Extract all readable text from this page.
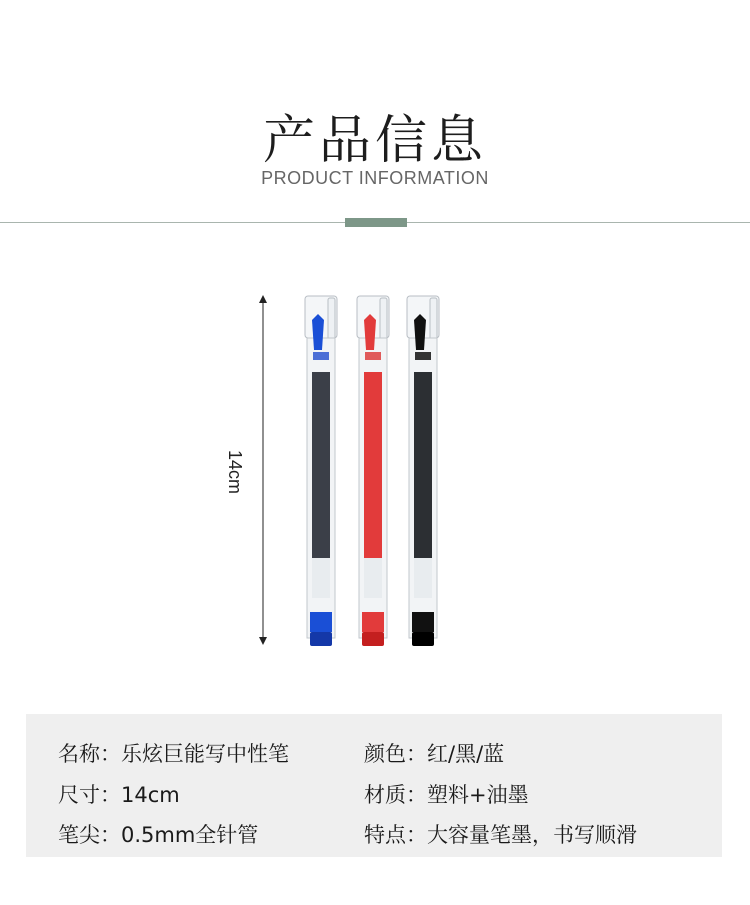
产品信息
PRODUCT INFORMATION
14cm
名称：乐炫巨能写中性笔
尺寸：14cm
笔尖：0.5mm全针管
颜色：红/黑/蓝
材质：塑料+油墨
特点：大容量笔墨，书写顺滑
